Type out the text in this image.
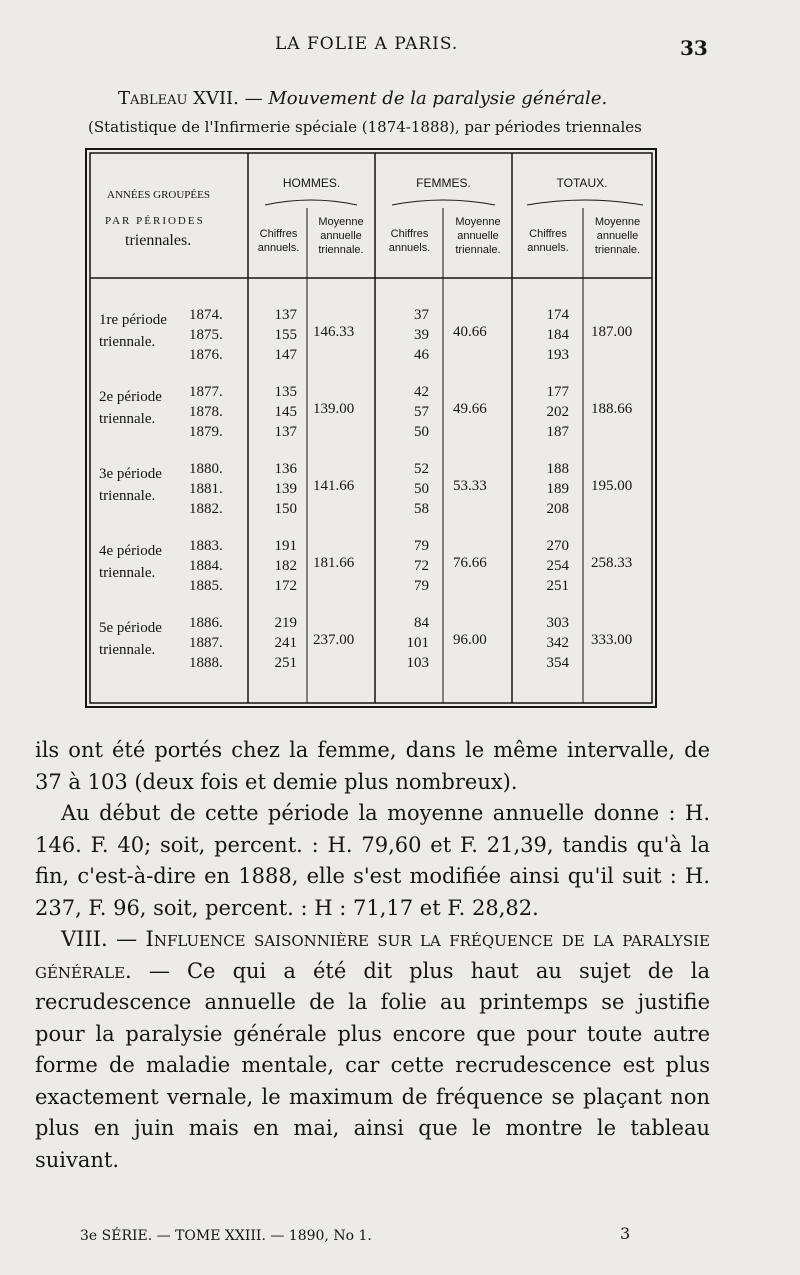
LA FOLIE A PARIS.	33
Tableau XVII. — Mouvement de la paralysie générale.
(Statistique de l'Infirmerie spéciale (1874-1888), par périodes triennales
ANNÉES GROUPÉES
PAR PÉRIODES
triennales.
HOMMES.	FEMMES.	TOTAUX.
Chiffres annuels.
Moyenne annuelle triennale.
Chiffres annuels.
Moyenne annuelle triennale.
Chiffres annuels.
Moyenne annuelle triennale.
1re période
triennale.
1874.	137	37	174
1875.	155	39	184
1876.	147	46	193
146.33	40.66	187.00
2e période
triennale.
1877.	135	42	177
1878.	145	57	202
1879.	137	50	187
139.00	49.66	188.66
3e période
triennale.
1880.	136	52	188
1881.	139	50	189
1882.	150	58	208
141.66	53.33	195.00
4e période
triennale.
1883.	191	79	270
1884.	182	72	254
1885.	172	79	251
181.66	76.66	258.33
5e période
triennale.
1886.	219	84	303
1887.	241	101	342
1888.	251	103	354
237.00	96.00	333.00

ils ont été portés chez la femme, dans le même intervalle, de 37 à 103 (deux fois et demie plus nombreux).

Au début de cette période la moyenne annuelle donne : H. 146. F. 40; soit, percent. : H. 79,60 et F. 21,39, tandis qu'à la fin, c'est-à-dire en 1888, elle s'est modifiée ainsi qu'il suit : H. 237, F. 96, soit, percent. : H : 71,17 et F. 28,82.

VIII. — Influence saisonnière sur la fréquence de la paralysie générale. — Ce qui a été dit plus haut au sujet de la recrudescence annuelle de la folie au printemps se justifie pour la paralysie générale plus encore que pour toute autre forme de maladie mentale, car cette recrudescence est plus exactement vernale, le maximum de fréquence se plaçant non plus en juin mais en mai, ainsi que le montre le tableau suivant.

3e SÉRIE. — TOME XXIII. — 1890, No 1.	3
